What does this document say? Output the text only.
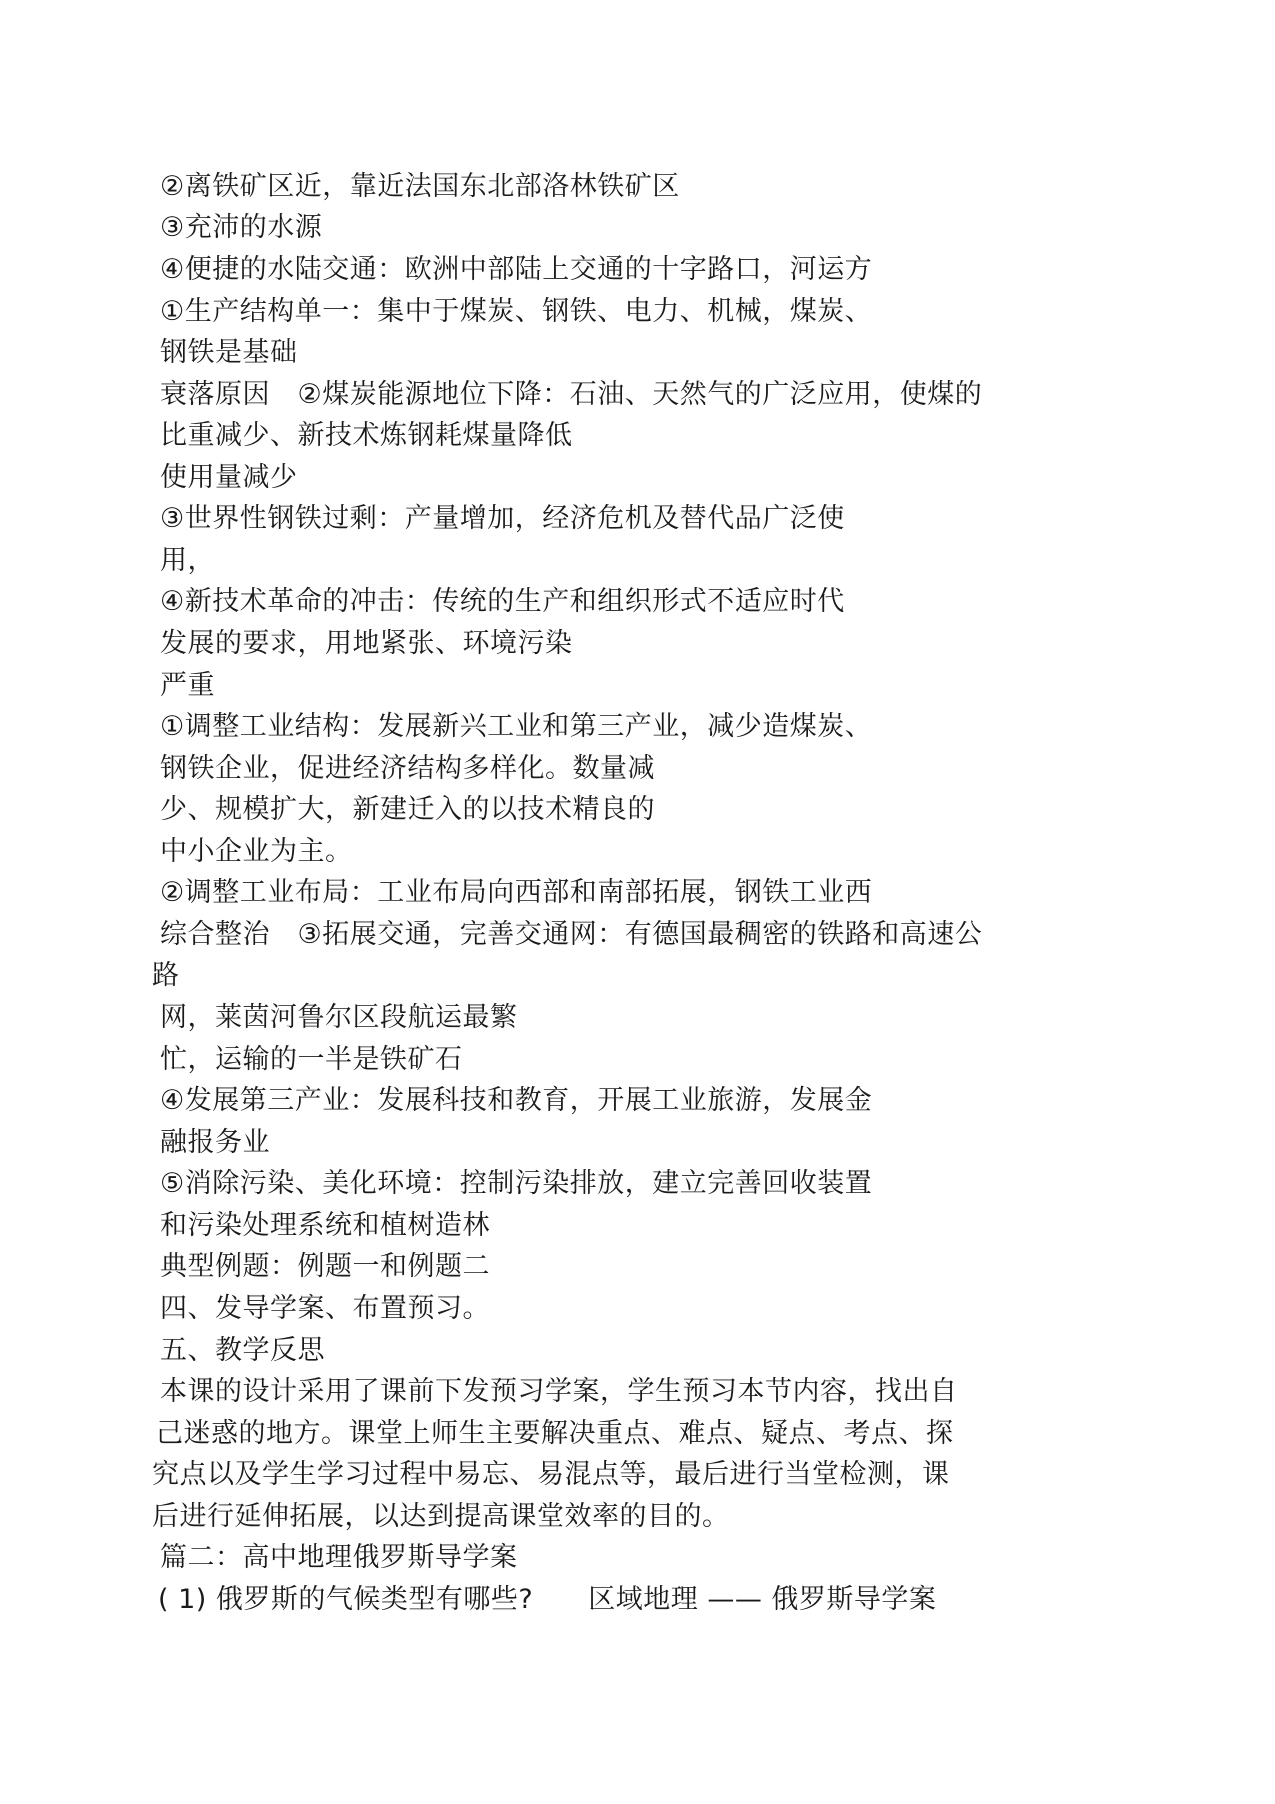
②离铁矿区近，靠近法国东北部洛林铁矿区
③充沛的水源
④便捷的水陆交通：欧洲中部陆上交通的十字路口，河运方
①生产结构单一：集中于煤炭、钢铁、电力、机械，煤炭、
钢铁是基础
衰落原因　②煤炭能源地位下降：石油、天然气的广泛应用，使煤的
比重减少、新技术炼钢耗煤量降低
使用量减少
③世界性钢铁过剩：产量增加，经济危机及替代品广泛使
用，
④新技术革命的冲击：传统的生产和组织形式不适应时代
发展的要求，用地紧张、环境污染
严重
①调整工业结构：发展新兴工业和第三产业，减少造煤炭、
钢铁企业，促进经济结构多样化。数量减
少、规模扩大，新建迁入的以技术精良的
中小企业为主。
②调整工业布局：工业布局向西部和南部拓展，钢铁工业西
综合整治　③拓展交通，完善交通网：有德国最稠密的铁路和高速公
路
网，莱茵河鲁尔区段航运最繁
忙，运输的一半是铁矿石
④发展第三产业：发展科技和教育，开展工业旅游，发展金
融报务业
⑤消除污染、美化环境：控制污染排放，建立完善回收装置
和污染处理系统和植树造林
典型例题：例题一和例题二
四、发导学案、布置预习。
五、教学反思
本课的设计采用了课前下发预习学案，学生预习本节内容，找出自
己迷惑的地方。课堂上师生主要解决重点、难点、疑点、考点、探
究点以及学生学习过程中易忘、易混点等，最后进行当堂检测，课
后进行延伸拓展，以达到提高课堂效率的目的。
篇二：高中地理俄罗斯导学案
( 1) 俄罗斯的气候类型有哪些?　　区域地理 —— 俄罗斯导学案
